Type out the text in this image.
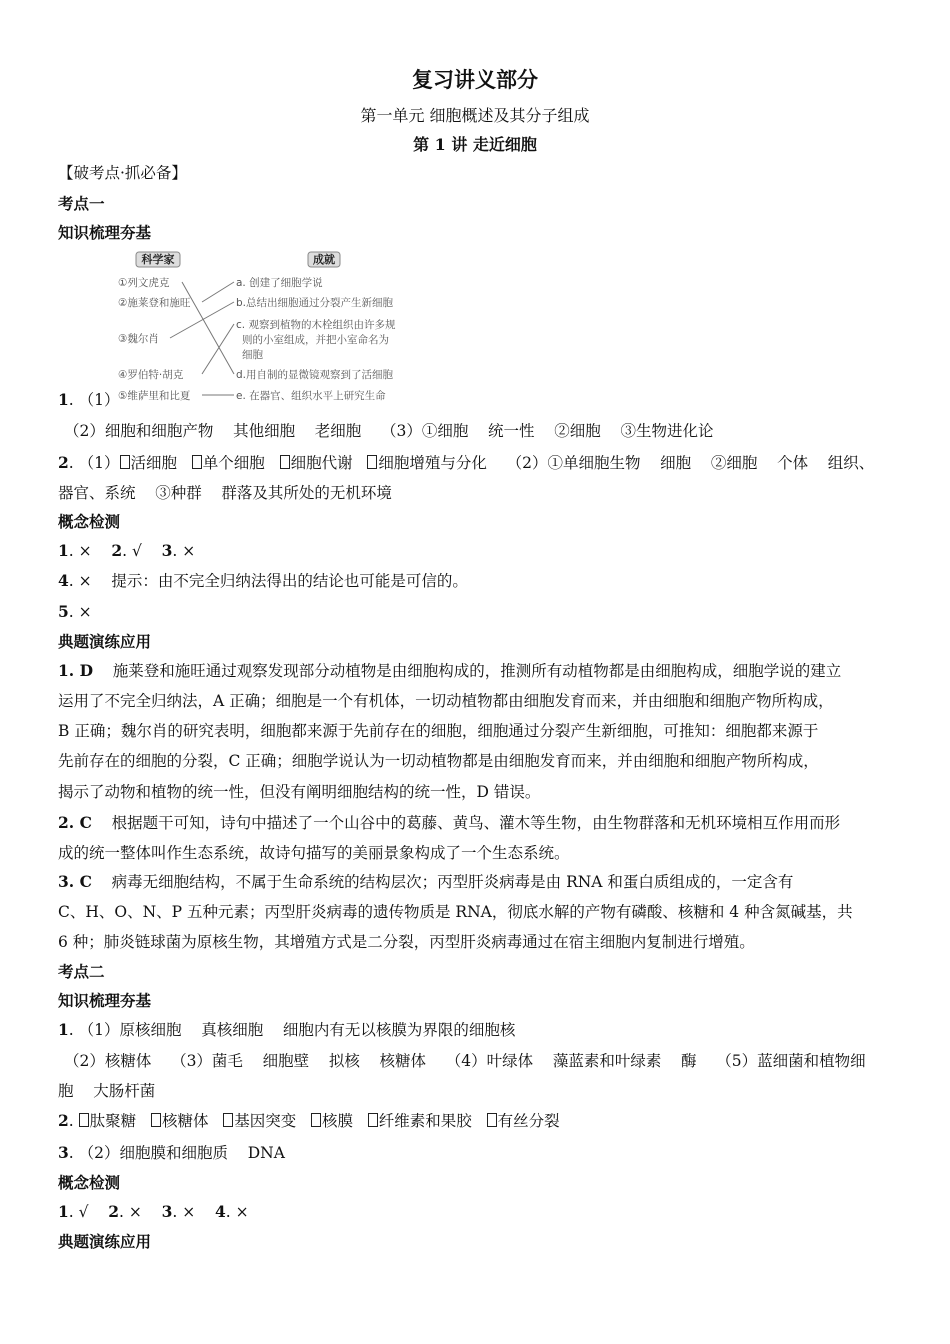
复习讲义部分
第一单元 细胞概述及其分子组成
第 1 讲 走近细胞
【破考点·抓必备】
考点一
知识梳理夯基
科学家	成就
①列文虎克
②施莱登和施旺
③魏尔肖
④罗伯特·胡克
⑤维萨里和比夏
a. 创建了细胞学说
b.总结出细胞通过分裂产生新细胞
c. 观察到植物的木栓组织由许多规
则的小室组成，并把小室命名为
细胞
d.用自制的显微镜观察到了活细胞
e. 在器官、组织水平上研究生命
1. （1）
（2）细胞和细胞产物    其他细胞    老细胞    （3）①细胞    统一性    ②细胞    ③生物进化论
2. （1） 活细胞   单个细胞   细胞代谢   细胞增殖与分化    （2）①单细胞生物    细胞    ②细胞    个体    组织、
器官、系统    ③种群    群落及其所处的无机环境
概念检测
1. ×    2. √    3. ×
4. ×    提示：由不完全归纳法得出的结论也可能是可信的。
5. ×
典题演练应用
1. D    施莱登和施旺通过观察发现部分动植物是由细胞构成的，推测所有动植物都是由细胞构成，细胞学说的建立
运用了不完全归纳法，A 正确；细胞是一个有机体，一切动植物都由细胞发育而来，并由细胞和细胞产物所构成，
B 正确；魏尔肖的研究表明，细胞都来源于先前存在的细胞，细胞通过分裂产生新细胞，可推知：细胞都来源于
先前存在的细胞的分裂，C 正确；细胞学说认为一切动植物都是由细胞发育而来，并由细胞和细胞产物所构成，
揭示了动物和植物的统一性，但没有阐明细胞结构的统一性，D 错误。
2. C    根据题干可知，诗句中描述了一个山谷中的葛藤、黄鸟、灌木等生物，由生物群落和无机环境相互作用而形
成的统一整体叫作生态系统，故诗句描写的美丽景象构成了一个生态系统。
3. C    病毒无细胞结构，不属于生命系统的结构层次；丙型肝炎病毒是由 RNA 和蛋白质组成的，一定含有
C、H、O、N、P 五种元素；丙型肝炎病毒的遗传物质是 RNA，彻底水解的产物有磷酸、核糖和 4 种含氮碱基，共
6 种；肺炎链球菌为原核生物，其增殖方式是二分裂，丙型肝炎病毒通过在宿主细胞内复制进行增殖。
考点二
知识梳理夯基
1. （1）原核细胞    真核细胞    细胞内有无以核膜为界限的细胞核
（2）核糖体    （3）菌毛    细胞壁    拟核    核糖体    （4）叶绿体    藻蓝素和叶绿素    酶    （5）蓝细菌和植物细
胞    大肠杆菌
2. 肽聚糖   核糖体   基因突变   核膜   纤维素和果胶   有丝分裂
3. （2）细胞膜和细胞质    DNA
概念检测
1. √    2. ×    3. ×    4. ×
典题演练应用
